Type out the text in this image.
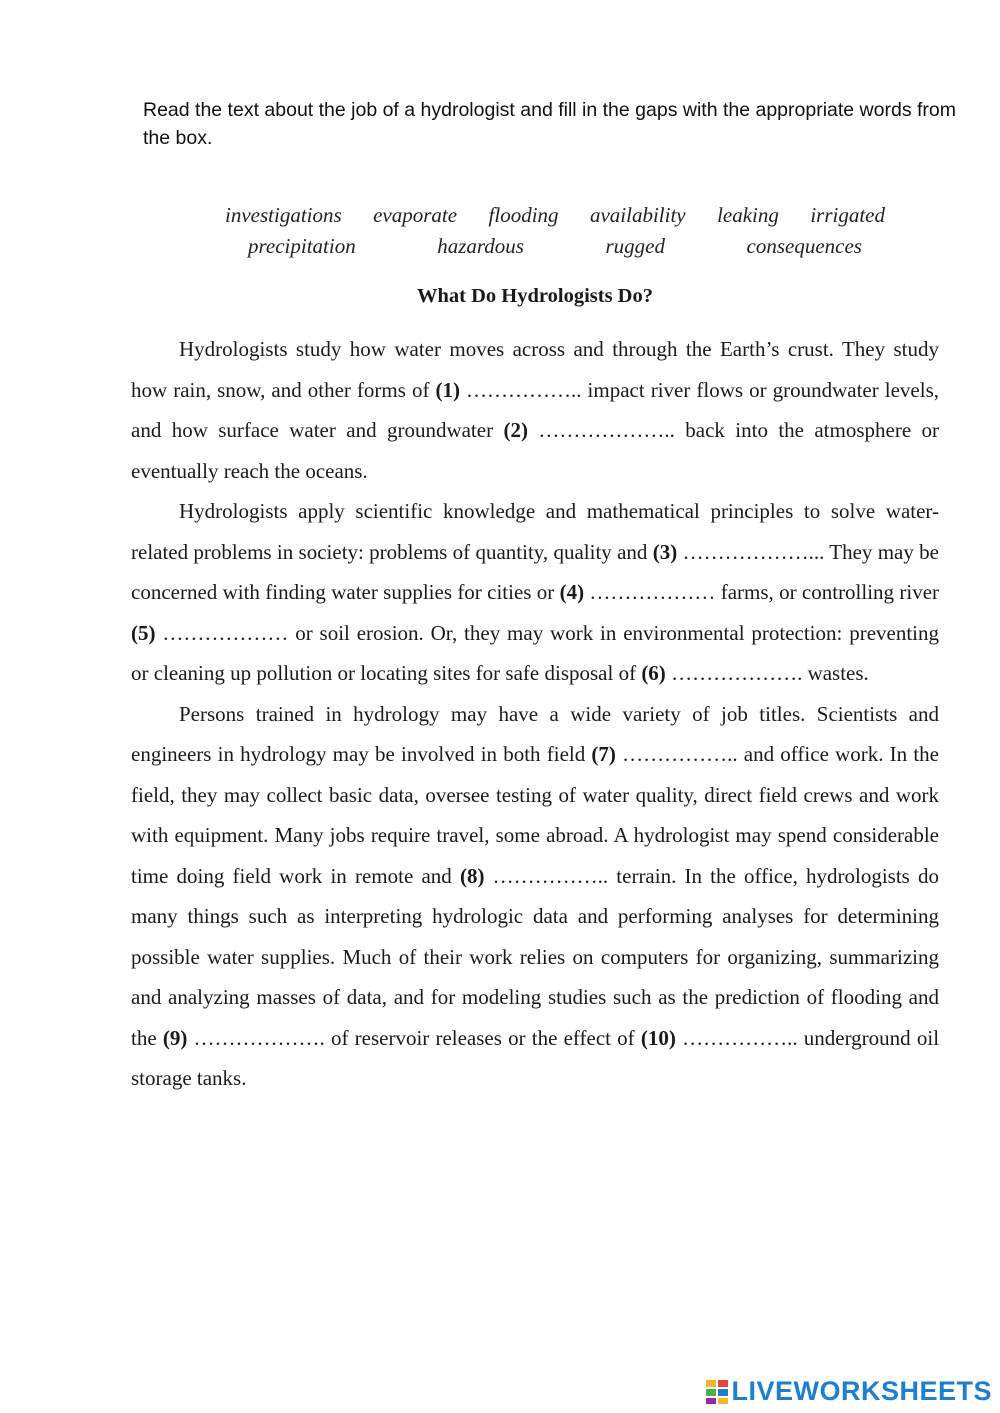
Read the text about the job of a hydrologist and fill in the gaps with the appropriate words from the box.
investigations evaporate flooding availability leaking irrigated
precipitation	hazardous	rugged	consequences
What Do Hydrologists Do?

Hydrologists study how water moves across and through the Earth’s crust. They study how rain, snow, and other forms of (1) …………….. impact river flows or groundwater levels, and how surface water and groundwater (2) ……………….. back into the atmosphere or eventually reach the oceans.

Hydrologists apply scientific knowledge and mathematical principles to solve water-related problems in society: problems of quantity, quality and (3) ………………... They may be concerned with finding water supplies for cities or (4) ……………… farms, or controlling river (5) ……………… or soil erosion. Or, they may work in environmental protection: preventing or cleaning up pollution or locating sites for safe disposal of (6) ………………. wastes.

Persons trained in hydrology may have a wide variety of job titles. Scientists and engineers in hydrology may be involved in both field (7) …………….. and office work. In the field, they may collect basic data, oversee testing of water quality, direct field crews and work with equipment. Many jobs require travel, some abroad. A hydrologist may spend considerable time doing field work in remote and (8) …………….. terrain. In the office, hydrologists do many things such as interpreting hydrologic data and performing analyses for determining possible water supplies. Much of their work relies on computers for organizing, summarizing and analyzing masses of data, and for modeling studies such as the prediction of flooding and the (9) ………………. of reservoir releases or the effect of (10) …………….. underground oil storage tanks.

LIVEWORKSHEETS
